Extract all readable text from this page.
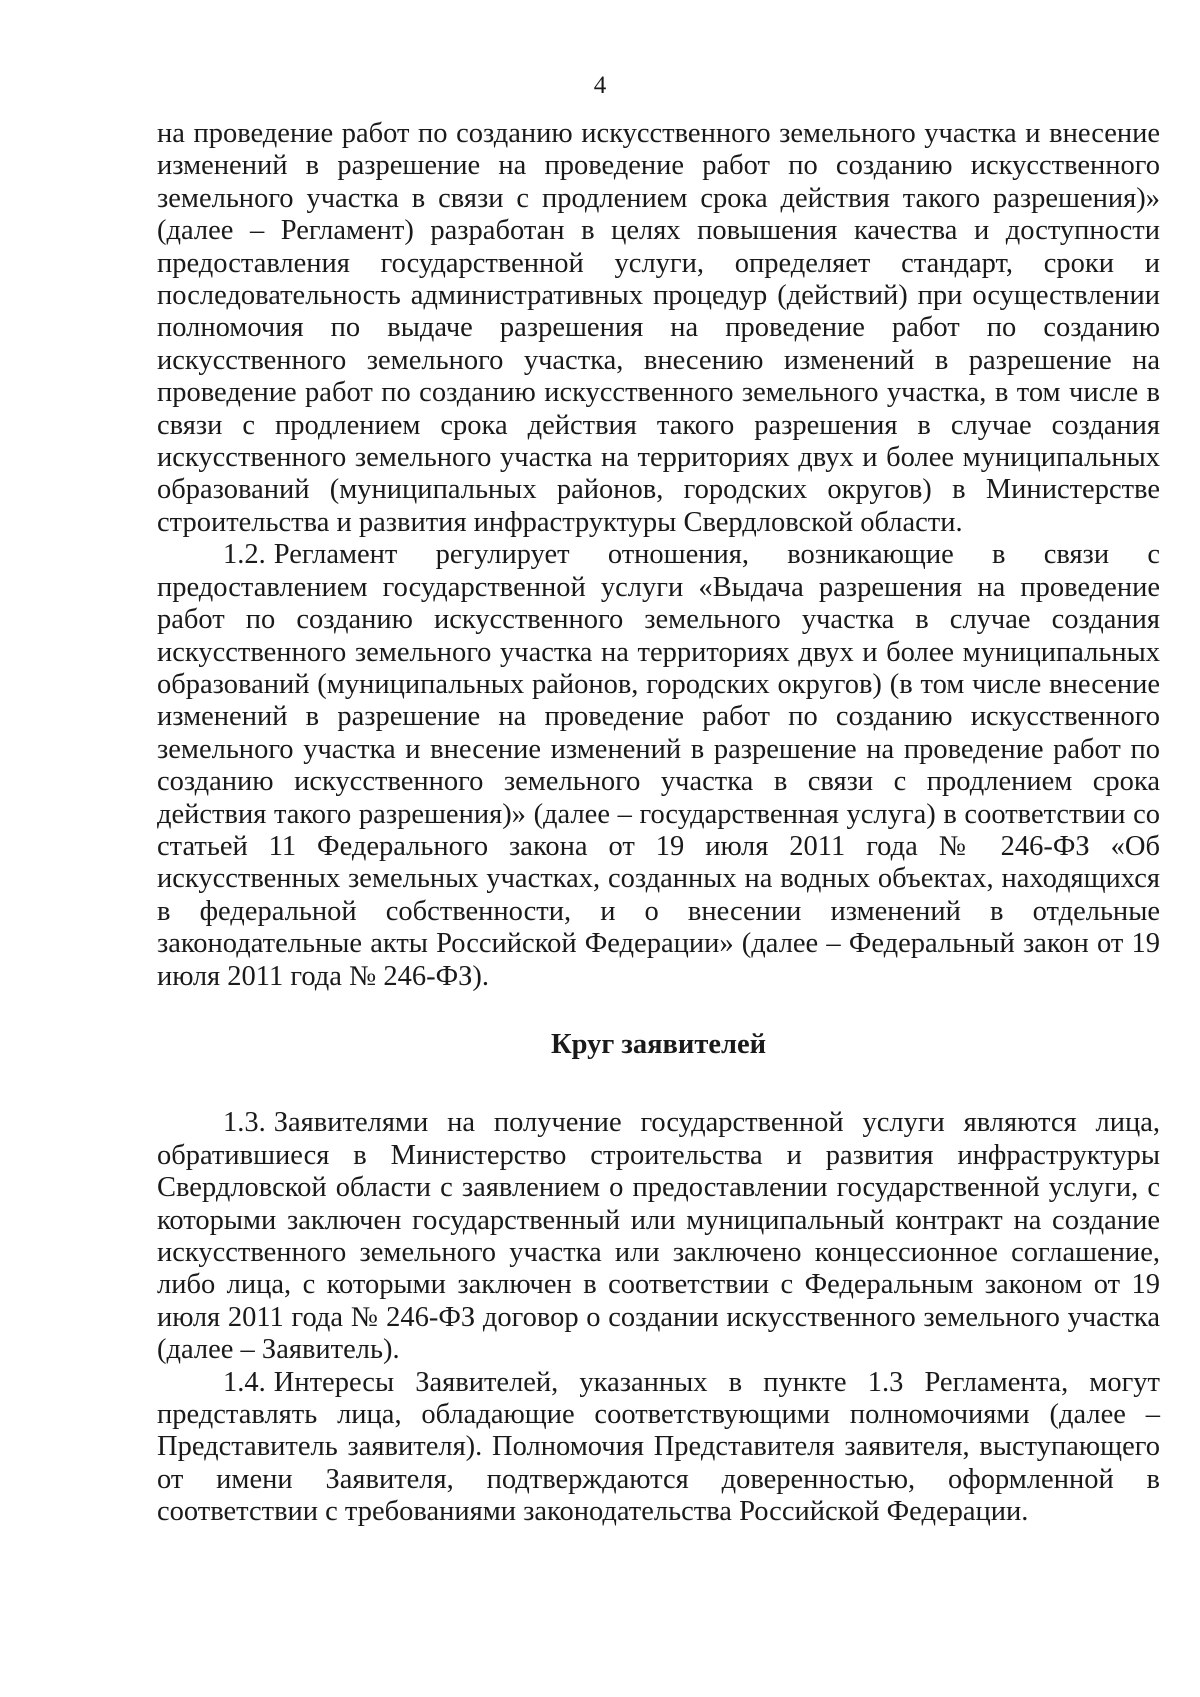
4

на проведение работ по созданию искусственного земельного участка и внесение изменений в разрешение на проведение работ по созданию искусственного земельного участка в связи с продлением срока действия такого разрешения)» (далее – Регламент) разработан в целях повышения качества и доступности предоставления государственной услуги, определяет стандарт, сроки и последовательность административных процедур (действий) при осуществлении полномочия по выдаче разрешения на проведение работ по созданию искусственного земельного участка, внесению изменений в разрешение на проведение работ по созданию искусственного земельного участка, в том числе в связи с продлением срока действия такого разрешения в случае создания искусственного земельного участка на территориях двух и более муниципальных образований (муниципальных районов, городских округов) в Министерстве строительства и развития инфраструктуры Свердловской области.

1.2. Регламент регулирует отношения, возникающие в связи с предоставлением государственной услуги «Выдача разрешения на проведение работ по созданию искусственного земельного участка в случае создания искусственного земельного участка на территориях двух и более муниципальных образований (муниципальных районов, городских округов) (в том числе внесение изменений в разрешение на проведение работ по созданию искусственного земельного участка и внесение изменений в разрешение на проведение работ по созданию искусственного земельного участка в связи с продлением срока действия такого разрешения)» (далее – государственная услуга) в соответствии со статьей 11 Федерального закона от 19 июля 2011 года № 246-ФЗ «Об искусственных земельных участках, созданных на водных объектах, находящихся в федеральной собственности, и о внесении изменений в отдельные законодательные акты Российской Федерации» (далее – Федеральный закон от 19 июля 2011 года № 246-ФЗ).

Круг заявителей

1.3. Заявителями на получение государственной услуги являются лица, обратившиеся в Министерство строительства и развития инфраструктуры Свердловской области с заявлением о предоставлении государственной услуги, с которыми заключен государственный или муниципальный контракт на создание искусственного земельного участка или заключено концессионное соглашение, либо лица, с которыми заключен в соответствии с Федеральным законом от 19 июля 2011 года № 246-ФЗ договор о создании искусственного земельного участка (далее – Заявитель).

1.4. Интересы Заявителей, указанных в пункте 1.3 Регламента, могут представлять лица, обладающие соответствующими полномочиями (далее – Представитель заявителя). Полномочия Представителя заявителя, выступающего от имени Заявителя, подтверждаются доверенностью, оформленной в соответствии с требованиями законодательства Российской Федерации.
